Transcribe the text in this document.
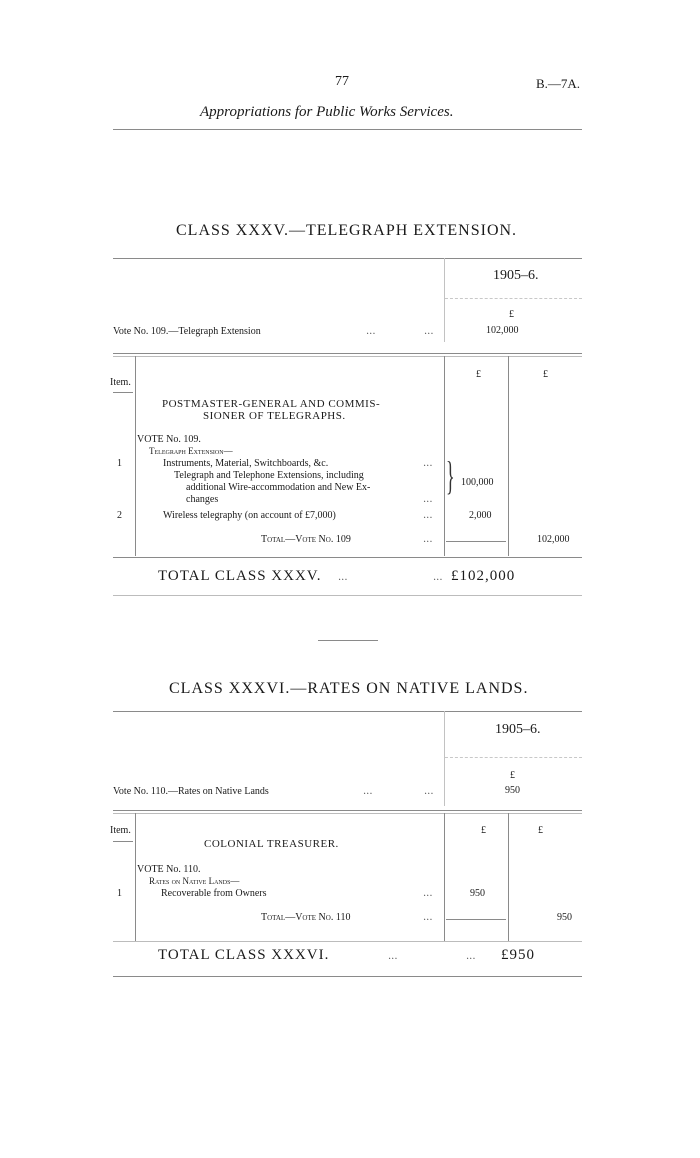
77	B.—7A.
Appropriations for Public Works Services.
CLASS XXXV.—TELEGRAPH EXTENSION.
1905–6.
£
Vote No. 109.—Telegraph Extension	...	...	102,000
Item.
£	£
POSTMASTER-GENERAL AND COMMIS-
SIONER OF TELEGRAPHS.
VOTE No. 109.
Telegraph Extension—
1	Instruments, Material, Switchboards, &c.	...
Telegraph and Telephone Extensions, including
additional Wire-accommodation and New Ex-
changes	...
} 100,000
2	Wireless telegraphy (on account of £7,000)	...	2,000
Total—Vote No. 109	...	102,000
TOTAL CLASS XXXV. ...	... £102,000
CLASS XXXVI.—RATES ON NATIVE LANDS.
1905–6.
£
Vote No. 110.—Rates on Native Lands	...	...	950
Item.	£	£
COLONIAL TREASURER.
VOTE No. 110.
Rates on Native Lands—
1	Recoverable from Owners	...	950
Total—Vote No. 110	...	950
TOTAL CLASS XXXVI.	...	... £950
